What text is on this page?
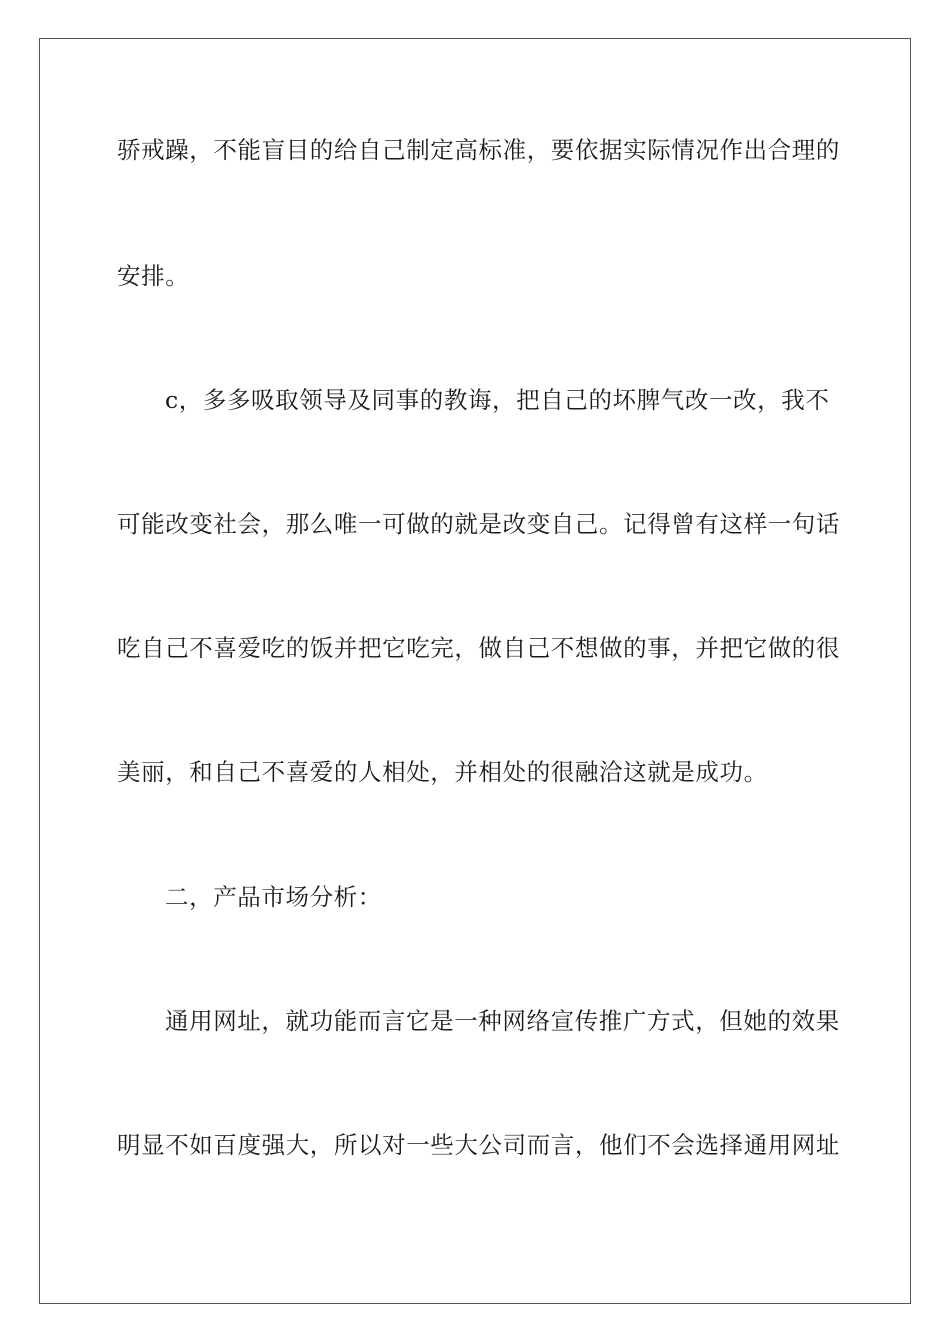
骄戒躁，不能盲目的给自己制定高标准，要依据实际情况作出合理的
安排。
c，多多吸取领导及同事的教诲，把自己的坏脾气改一改，我不
可能改变社会，那么唯一可做的就是改变自己。记得曾有这样一句话
吃自己不喜爱吃的饭并把它吃完，做自己不想做的事，并把它做的很
美丽，和自己不喜爱的人相处，并相处的很融洽这就是成功。
二，产品市场分析：
通用网址，就功能而言它是一种网络宣传推广方式，但她的效果
明显不如百度强大，所以对一些大公司而言，他们不会选择通用网址
